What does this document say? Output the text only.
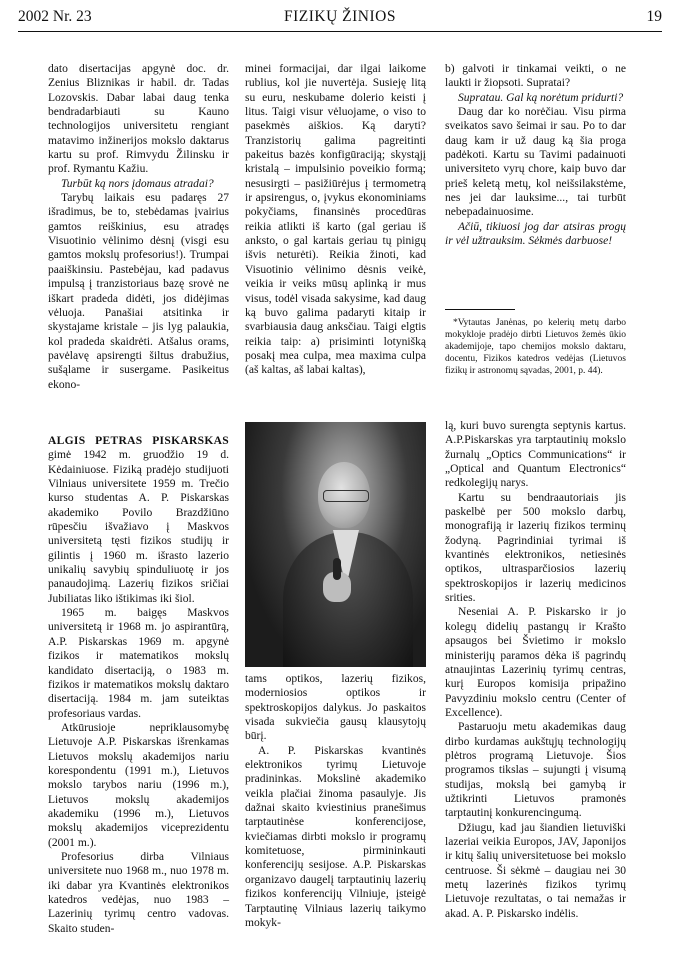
2002 Nr. 23	FIZIKŲ ŽINIOS	19

dato disertacijas apgynė doc. dr. Zenius Bliznikas ir habil. dr. Tadas Lozovskis. Dabar labai daug tenka bendradarbiauti su Kauno technologijos universitetu rengiant matavimo inžinerijos mokslo daktarus kartu su prof. Rimvydu Žilinsku ir prof. Rymantu Kažiu.

Turbūt ką nors įdomaus atradai?

Tarybų laikais esu padaręs 27 išradimus, be to, stebėdamas įvairius gamtos reiškinius, esu atradęs Visuotinio vėlinimo dėsnį (visgi esu gamtos mokslų profesorius!). Trumpai paaiškinsiu. Pastebėjau, kad padavus impulsą į tranzistoriaus bazę srovė ne iškart pradeda didėti, jos didėjimas vėluoja. Panašiai atsitinka ir skystajame kristale – jis lyg palaukia, kol pradeda skaidrėti. Atšalus orams, pavėlavę apsirengti šiltus drabužius, sušąlame ir susergame. Pasikeitus ekono-

minei formacijai, dar ilgai laikome rublius, kol jie nuvertėja. Susieję litą su euru, neskubame dolerio keisti į litus. Taigi visur vėluojame, o viso to pasekmės aiškios. Ką daryti? Tranzistorių galima pagreitinti pakeitus bazės konfigūraciją; skystąjį kristalą – impulsinio poveikio formą; nesusirgti – pasižiūrėjus į termometrą ir apsirengus, o, įvykus ekonominiams pokyčiams, finansinės procedūras reikia atlikti iš karto (gal geriau iš anksto, o gal kartais geriau tų pinigų išvis neturėti). Reikia žinoti, kad Visuotinio vėlinimo dėsnis veikė, veikia ir veiks mūsų aplinką ir mus visus, todėl visada sakysime, kad daug ką buvo galima padaryti kitaip ir svarbiausia daug anksčiau. Taigi elgtis reikia taip: a) prisiminti lotynišką posakį mea culpa, mea maxima culpa (aš kaltas, aš labai kaltas),

b) galvoti ir tinkamai veikti, o ne laukti ir žiopsoti. Supratai?

Supratau. Gal ką norėtum pridurti?

Daug dar ko norėčiau. Visu pirma sveikatos savo šeimai ir sau. Po to dar daug kam ir už daug ką šia proga padėkoti. Kartu su Tavimi padainuoti universiteto vyrų chore, kaip buvo dar prieš keletą metų, kol neišsilakstėme, nes jei dar lauksime..., tai turbūt nebepadainuosime.

Ačiū, tikiuosi jog dar atsiras progų ir vėl užtrauksim. Sėkmės darbuose!

*Vytautas Janėnas, po kelerių metų darbo mokykloje pradėjo dirbti Lietuvos žemės ūkio akademijoje, tapo chemijos mokslo daktaru, docentu, Fizikos katedros vedėjas (Lietuvos fizikų ir astronomų sąvadas, 2001, p. 44).

ALGIS PETRAS PISKARSKAS gimė 1942 m. gruodžio 19 d. Kėdainiuose. Fiziką pradėjo studijuoti Vilniaus universitete 1959 m. Trečio kurso studentas A. P. Piskarskas akademiko Povilo Brazdžiūno rūpesčiu išvažiavo į Maskvos universitetą tęsti fizikos studijų ir gilintis į 1960 m. išrasto lazerio unikalių savybių spinduliuotę ir jos panaudojimą. Lazerių fizikos sričiai Jubiliatas liko ištikimas iki šiol.

1965 m. baigęs Maskvos universitetą ir 1968 m. jo aspirantūrą, A.P. Piskarskas 1969 m. apgynė fizikos ir matematikos mokslų kandidato disertaciją, o 1983 m. fizikos ir matematikos mokslų daktaro disertaciją. 1984 m. jam suteiktas profesoriaus vardas.

Atkūrusioje nepriklausomybę Lietuvoje A.P. Piskarskas išrenkamas Lietuvos mokslų akademijos nariu korespondentu (1991 m.), Lietuvos mokslo tarybos nariu (1996 m.), Lietuvos mokslų akademijos akademiku (1996 m.), Lietuvos mokslų akademijos viceprezidentu (2001 m.).

Profesorius dirba Vilniaus universitete nuo 1968 m., nuo 1978 m. iki dabar yra Kvantinės elektronikos katedros vedėjas, nuo 1983 – Lazerinių tyrimų centro vadovas. Skaito studen-

tams optikos, lazerių fizikos, moderniosios optikos ir spektroskopijos dalykus. Jo paskaitos visada sukviečia gausų klausytojų būrį.

A. P. Piskarskas kvantinės elektronikos tyrimų Lietuvoje pradininkas. Mokslinė akademiko veikla plačiai žinoma pasaulyje. Jis dažnai skaito kviestinius pranešimus tarptautinėse konferencijose, kviečiamas dirbti mokslo ir programų komitetuose, pirmininkauti konferencijų sesijose. A.P. Piskarskas organizavo daugelį tarptautinių lazerių fizikos konferencijų Vilniuje, įsteigė Tarptautinę Vilniaus lazerių taikymo mokyk-

lą, kuri buvo surengta septynis kartus. A.P.Piskarskas yra tarptautinių mokslo žurnalų „Optics Communications“ ir „Optical and Quantum Electronics“ redkolegijų narys.

Kartu su bendraautoriais jis paskelbė per 500 mokslo darbų, monografiją ir lazerių fizikos terminų žodyną. Pagrindiniai tyrimai iš kvantinės elektronikos, netiesinės optikos, ultrasparčiosios lazerių spektroskopijos ir lazerių medicinos srities.

Neseniai A. P. Piskarsko ir jo kolegų didelių pastangų ir Krašto apsaugos bei Švietimo ir mokslo ministerijų paramos dėka iš pagrindų atnaujintas Lazerinių tyrimų centras, kurį Europos komisija pripažino Pavyzdiniu mokslo centru (Center of Excellence).

Pastaruoju metu akademikas daug dirbo kurdamas aukštųjų technologijų plėtros programą Lietuvoje. Šios programos tikslas – sujungti į visumą studijas, mokslą bei gamybą ir užtikrinti Lietuvos pramonės tarptautinį konkurencingumą.

Džiugu, kad jau šiandien lietuviški lazeriai veikia Europos, JAV, Japonijos ir kitų šalių universitetuose bei mokslo centruose. Ši sėkmė – daugiau nei 30 metų lazerinės fizikos tyrimų Lietuvoje rezultatas, o tai nemažas ir akad. A. P. Piskarsko indėlis.
